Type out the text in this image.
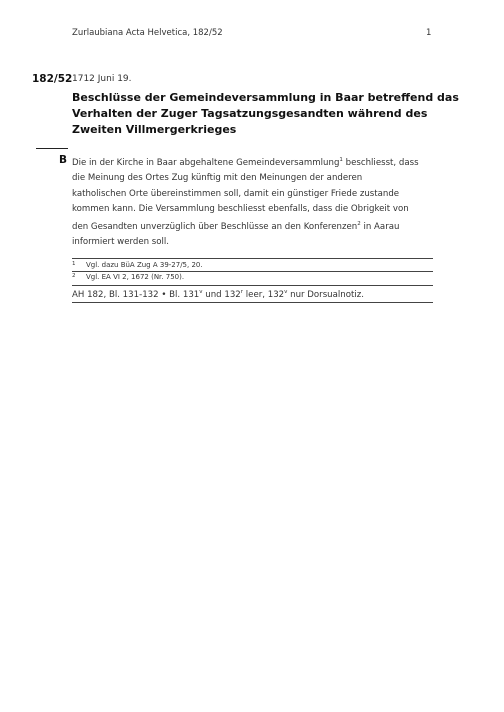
Zurlaubiana Acta Helvetica, 182/52	1
182/52 1712 Juni 19.
Beschlüsse der Gemeindeversammlung in Baar betreffend das
Verhalten der Zuger Tagsatzungsgesandten während des
Zweiten Villmergerkrieges
B Die in der Kirche in Baar abgehaltene Gemeindeversammlung$^1$ beschliesst, dass
die Meinung des Ortes Zug künftig mit den Meinungen der anderen
katholischen Orte übereinstimmen soll, damit ein günstiger Friede zustande
kommen kann. Die Versammlung beschliesst ebenfalls, dass die Obrigkeit von
den Gesandten unverzüglich über Beschlüsse an den Konferenzen$^2$ in Aarau
informiert werden soll.
1 Vgl. dazu BüA Zug A 39-27/5, 20.
2 Vgl. EA VI 2, 1672 (Nr. 750).
AH 182, Bl. 131-132 • Bl. 131$^v$ und 132$^r$ leer, 132$^v$ nur Dorsualnotiz.
